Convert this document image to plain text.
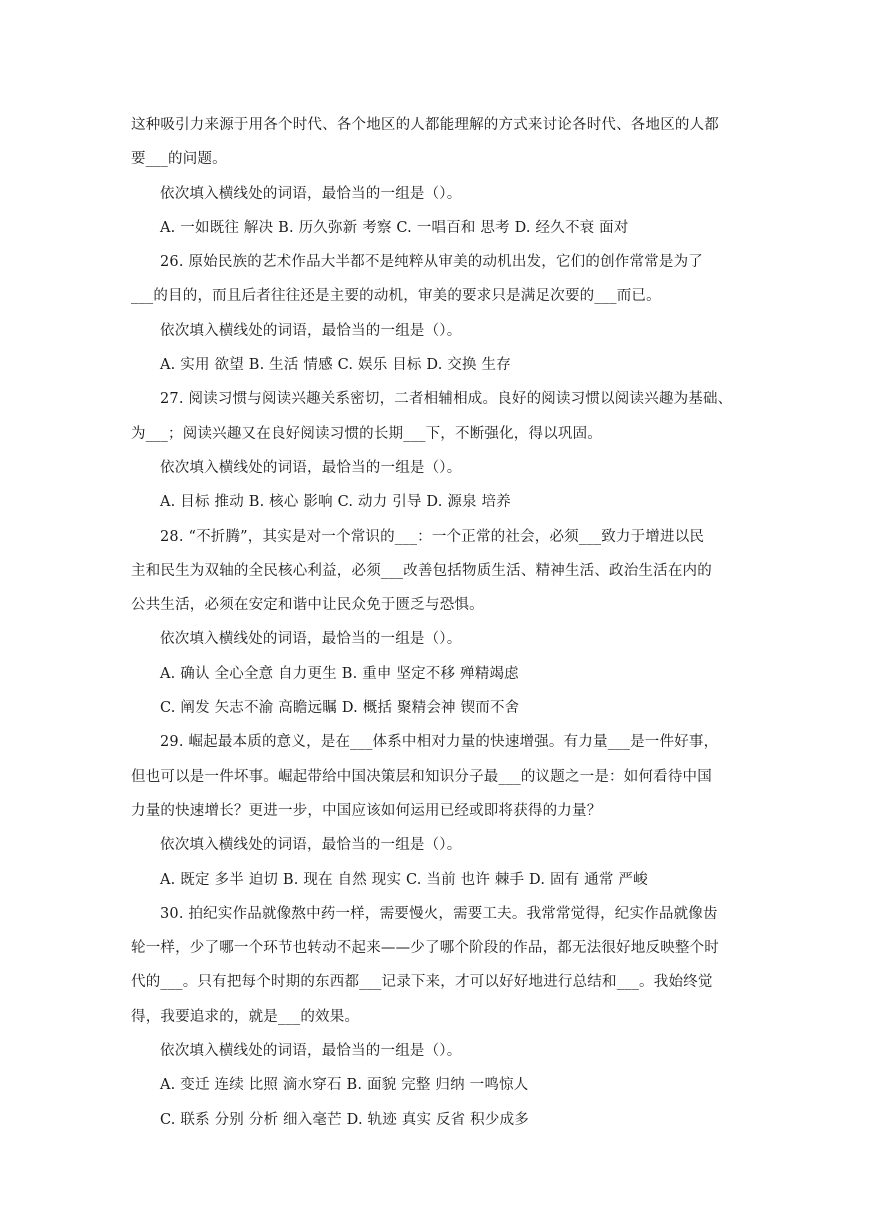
这种吸引力来源于用各个时代、各个地区的人都能理解的方式来讨论各时代、各地区的人都
要___的问题。
依次填入横线处的词语，最恰当的一组是（）。
A. 一如既往 解决 B. 历久弥新 考察 C. 一唱百和 思考 D. 经久不衰 面对
26. 原始民族的艺术作品大半都不是纯粹从审美的动机出发，它们的创作常常是为了
___的目的，而且后者往往还是主要的动机，审美的要求只是满足次要的___而已。
依次填入横线处的词语，最恰当的一组是（）。
A. 实用 欲望 B. 生活 情感 C. 娱乐 目标 D. 交换 生存
27. 阅读习惯与阅读兴趣关系密切，二者相辅相成。良好的阅读习惯以阅读兴趣为基础、
为___；阅读兴趣又在良好阅读习惯的长期___下，不断强化，得以巩固。
依次填入横线处的词语，最恰当的一组是（）。
A. 目标 推动 B. 核心 影响 C. 动力 引导 D. 源泉 培养
28. “不折腾”，其实是对一个常识的___：一个正常的社会，必须___致力于增进以民
主和民生为双轴的全民核心利益，必须___改善包括物质生活、精神生活、政治生活在内的
公共生活，必须在安定和谐中让民众免于匮乏与恐惧。
依次填入横线处的词语，最恰当的一组是（）。
A. 确认 全心全意 自力更生 B. 重申 坚定不移 殚精竭虑
C. 阐发 矢志不渝 高瞻远瞩 D. 概括 聚精会神 锲而不舍
29. 崛起最本质的意义，是在___体系中相对力量的快速增强。有力量___是一件好事，
但也可以是一件坏事。崛起带给中国决策层和知识分子最___的议题之一是：如何看待中国
力量的快速增长？更进一步，中国应该如何运用已经或即将获得的力量？
依次填入横线处的词语，最恰当的一组是（）。
A. 既定 多半 迫切 B. 现在 自然 现实 C. 当前 也许 棘手 D. 固有 通常 严峻
30. 拍纪实作品就像熬中药一样，需要慢火，需要工夫。我常常觉得，纪实作品就像齿
轮一样，少了哪一个环节也转动不起来——少了哪个阶段的作品，都无法很好地反映整个时
代的___。只有把每个时期的东西都___记录下来，才可以好好地进行总结和___。我始终觉
得，我要追求的，就是___的效果。
依次填入横线处的词语，最恰当的一组是（）。
A. 变迁 连续 比照 滴水穿石 B. 面貌 完整 归纳 一鸣惊人
C. 联系 分别 分析 细入毫芒 D. 轨迹 真实 反省 积少成多
